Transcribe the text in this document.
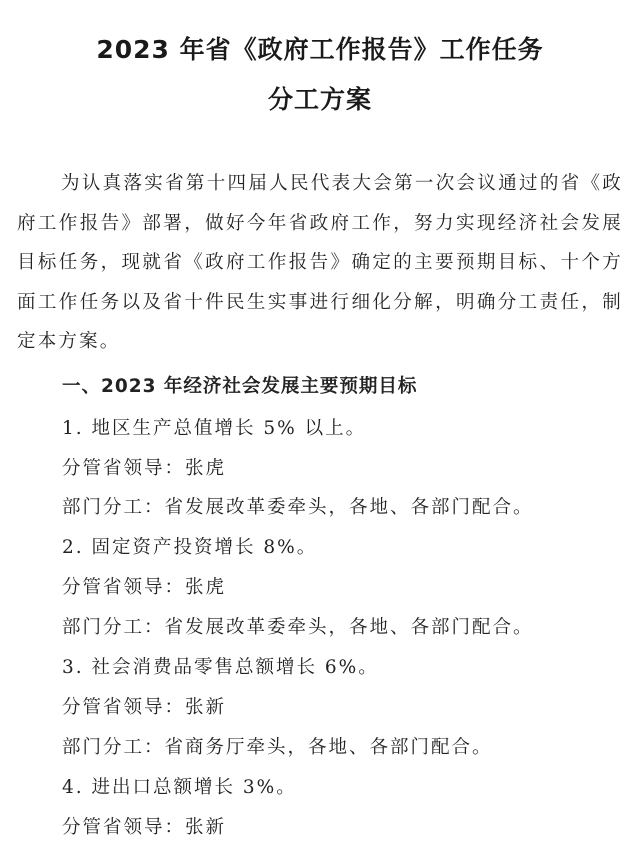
2023 年省《政府工作报告》工作任务
分工方案

为认真落实省第十四届人民代表大会第一次会议通过的省《政府工作报告》部署，做好今年省政府工作，努力实现经济社会发展目标任务，现就省《政府工作报告》确定的主要预期目标、十个方面工作任务以及省十件民生实事进行细化分解，明确分工责任，制定本方案。

一、2023 年经济社会发展主要预期目标

1. 地区生产总值增长 5% 以上。

分管省领导：张虎

部门分工：省发展改革委牵头，各地、各部门配合。

2. 固定资产投资增长 8%。

分管省领导：张虎

部门分工：省发展改革委牵头，各地、各部门配合。

3. 社会消费品零售总额增长 6%。

分管省领导：张新

部门分工：省商务厅牵头，各地、各部门配合。

4. 进出口总额增长 3%。

分管省领导：张新
